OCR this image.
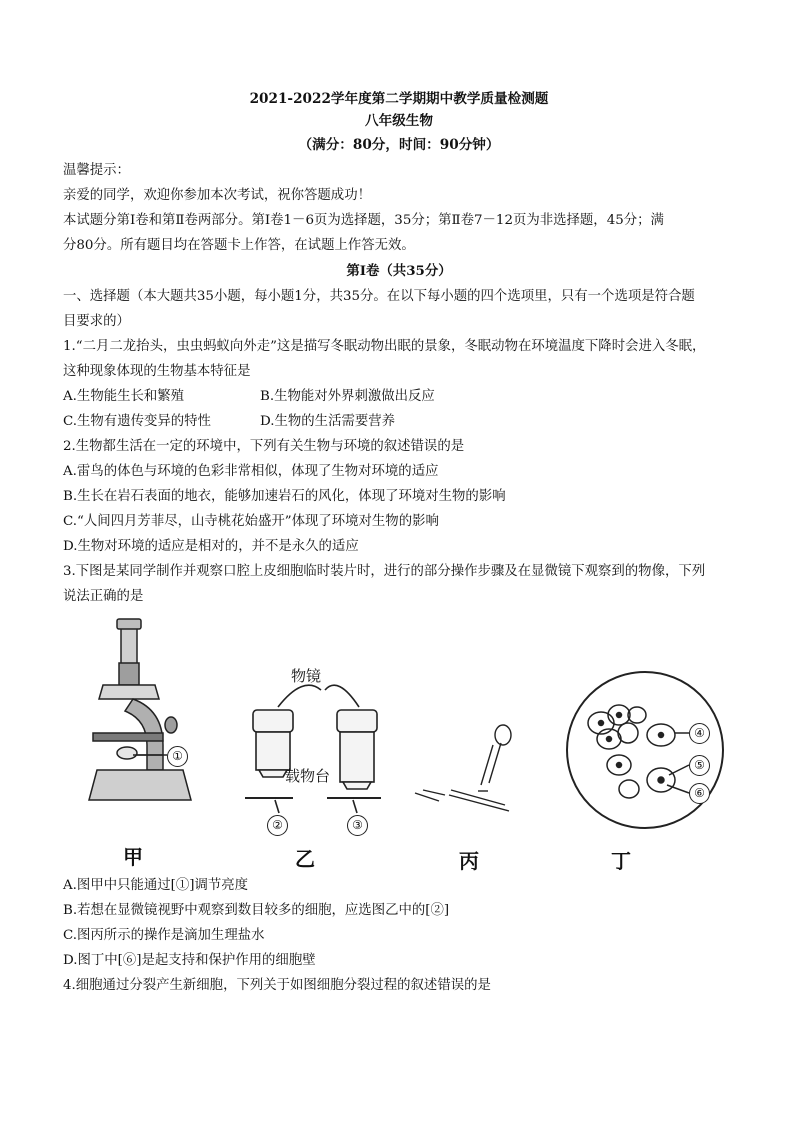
2021-2022学年度第二学期期中教学质量检测题
八年级生物
（满分：80分，时间：90分钟）
温馨提示：
亲爱的同学，欢迎你参加本次考试，祝你答题成功！
本试题分第Ⅰ卷和第Ⅱ卷两部分。第Ⅰ卷1－6页为选择题，35分；第Ⅱ卷7－12页为非选择题，45分；满
分80分。所有题目均在答题卡上作答，在试题上作答无效。
第Ⅰ卷（共35分）
一、选择题（本大题共35小题，每小题1分，共35分。在以下每小题的四个选项里，只有一个选项是符合题
目要求的）
1.“二月二龙抬头，虫虫蚂蚁向外走”这是描写冬眠动物出眠的景象，冬眠动物在环境温度下降时会进入冬眠，
这种现象体现的生物基本特征是
A.生物能生长和繁殖	B.生物能对外界刺激做出反应
C.生物有遗传变异的特性	D.生物的生活需要营养
2.生物都生活在一定的环境中，下列有关生物与环境的叙述错误的是
A.雷鸟的体色与环境的色彩非常相似，体现了生物对环境的适应
B.生长在岩石表面的地衣，能够加速岩石的风化，体现了环境对生物的影响
C.“人间四月芳菲尽，山寺桃花始盛开”体现了环境对生物的影响
D.生物对环境的适应是相对的，并不是永久的适应
3.下图是某同学制作并观察口腔上皮细胞临时装片时，进行的部分操作步骤及在显微镜下观察到的物像，下列
说法正确的是
物镜
载物台
①
②	③
④
⑤
⑥
甲	乙	丙	丁
A.图甲中只能通过[①]调节亮度
B.若想在显微镜视野中观察到数目较多的细胞，应选图乙中的[②]
C.图丙所示的操作是滴加生理盐水
D.图丁中[⑥]是起支持和保护作用的细胞壁
4.细胞通过分裂产生新细胞，下列关于如图细胞分裂过程的叙述错误的是
